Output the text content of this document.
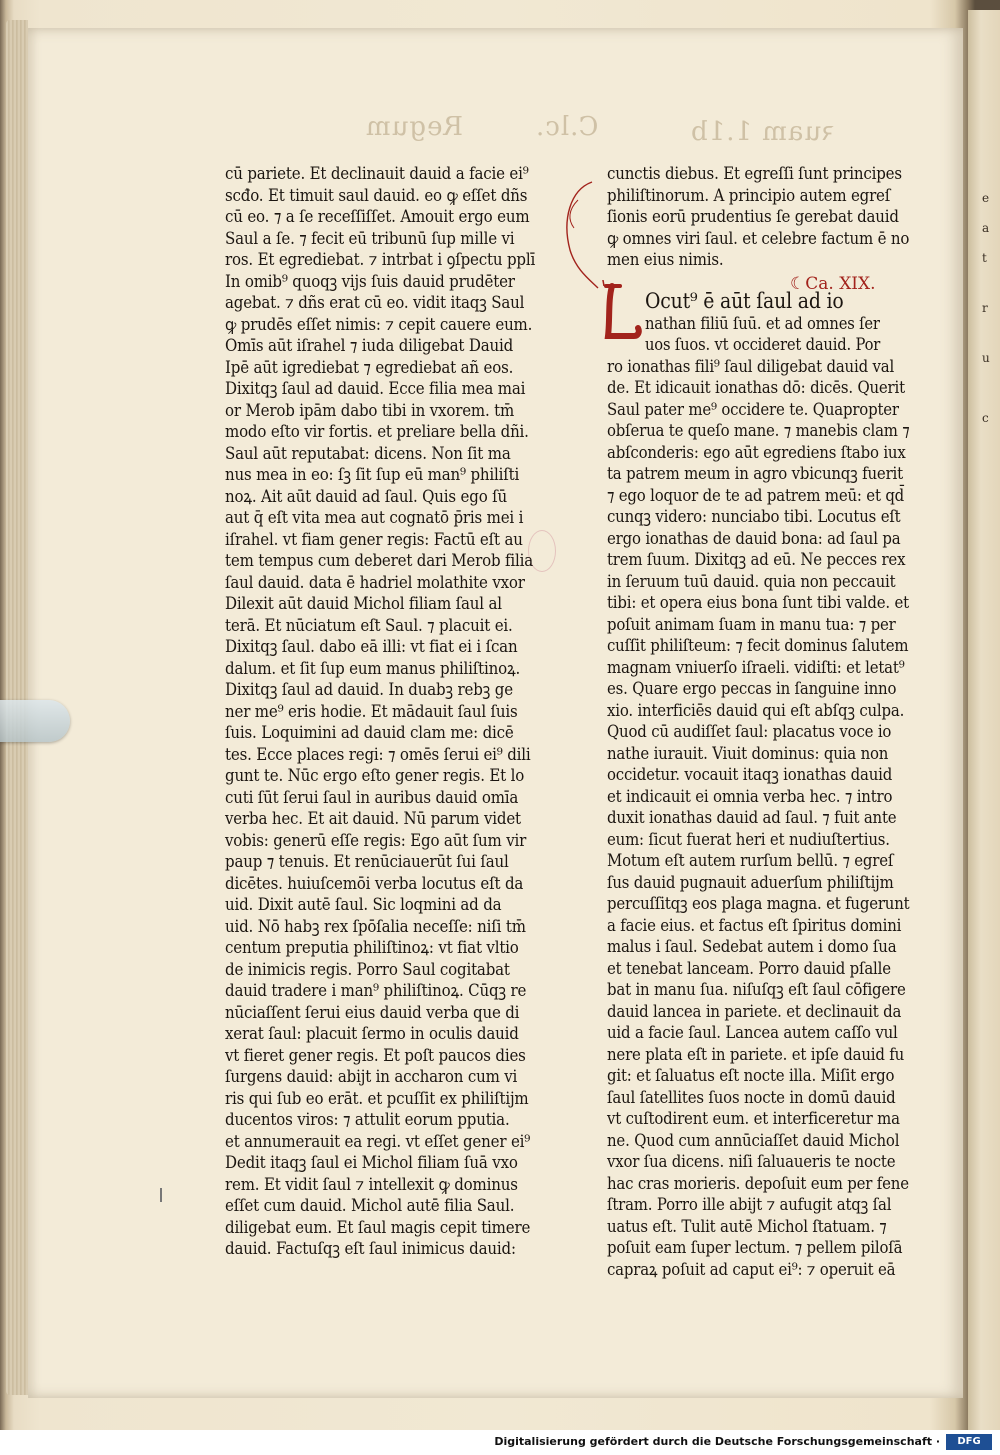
e
a
t
r
u
c
ꝛuam 1.1b
Regum	C.lc.
cū pariete. Et declinauit dauid a facie ei⁹
scđo. Et timuit saul dauid. eo ꝙ eſſet dñs
cū eo. ⁊ a ſe receſſiſſet. Amouit ergo eum
Saul a ſe. ⁊ fecit eū tribunū ſup mille vi
ros. Et egrediebat. ⁊ intrbat i ꝯſpectu pplī
In omib⁹ quoqꝫ vijs ſuis dauid prudēter
agebat. ⁊ dñs erat cū eo. vidit itaqꝫ Saul
ꝙ prudēs eſſet nimis: ⁊ cepit cauere eum.
Omīs aūt iſrahel ⁊ iuda diligebat Dauid
Ipē aūt igrediebat ⁊ egrediebat añ eos.
Dixitqꝫ ſaul ad dauid. Ecce filia mea mai
or Merob ipām dabo tibi in vxorem. tm̄
modo eſto vir fortis. et preliare bella dñi.
Saul aūt reputabat: dicens. Non ſit ma
nus mea in eo: ſꝫ ſit ſup eū man⁹ philiſti
noꝝ. Ait aūt dauid ad ſaul. Quis ego ſū
aut q̄ eſt vita mea aut cognatō p̄ris mei i
iſrahel. vt fiam gener regis: Factū eſt au
tem tempus cum deberet dari Merob filia
ſaul dauid. data ē hadriel molathite vxor
Dilexit aūt dauid Michol filiam ſaul al
terā. Et nūciatum eſt Saul. ⁊ placuit ei.
Dixitqꝫ ſaul. dabo eā illi: vt fiat ei i ſcan
dalum. et ſit ſup eum manus philiſtinoꝝ.
Dixitqꝫ ſaul ad dauid. In duabꝫ rebꝫ ge
ner me⁹ eris hodie. Et mādauit ſaul ſuis
ſuis. Loquimini ad dauid clam me: dicē
tes. Ecce places regi: ⁊ omēs ſerui ei⁹ dili
gunt te. Nūc ergo eſto gener regis. Et lo
cuti ſūt ſerui ſaul in auribus dauid omīa
verba hec. Et ait dauid. Nū parum videt
vobis: generū eſſe regis: Ego aūt ſum vir
paup ⁊ tenuis. Et renūciauerūt ſui ſaul
dicētes. huiuſcemōi verba locutus eſt da
uid. Dixit autē ſaul. Sic loqmini ad da
uid. Nō habꝫ rex ſpōſalia neceſſe: niſi tm̄
centum preputia philiſtinoꝝ: vt fiat vltio
de inimicis regis. Porro Saul cogitabat
dauid tradere i man⁹ philiſtinoꝝ. Cūqꝫ re
nūciaſſent ſerui eius dauid verba que di
xerat ſaul: placuit ſermo in oculis dauid
vt fieret gener regis. Et poſt paucos dies
ſurgens dauid: abijt in accharon cum vi
ris qui ſub eo erāt. et pcuſſit ex philiſtijm
ducentos viros: ⁊ attulit eorum pputia.
et annumerauit ea regi. vt eſſet gener ei⁹
Dedit itaqꝫ ſaul ei Michol filiam ſuā vxo
rem. Et vidit ſaul ⁊ intellexit ꝙ dominus
eſſet cum dauid. Michol autē filia Saul.
diligebat eum. Et ſaul magis cepit timere
dauid. Factuſqꝫ eſt ſaul inimicus dauid:
cunctis diebus. Et egreſſi ſunt principes
philiſtinorum. A principio autem egreſ
ſionis eorū prudentius ſe gerebat dauid
ꝙ omnes viri ſaul. et celebre factum ē no
men eius nimis.
☾Ca. XIX.
Ocut⁹ ē aūt ſaul ad io
nathan filiū ſuū. et ad omnes ſer
uos ſuos. vt occideret dauid. Por
ro ionathas fili⁹ ſaul diligebat dauid val
de. Et idicauit ionathas dō: dicēs. Querit
Saul pater me⁹ occidere te. Quapropter
obſerua te queſo mane. ⁊ manebis clam ⁊
abſconderis: ego aūt egrediens ſtabo iux
ta patrem meum in agro vbicunqꝫ fuerit
⁊ ego loquor de te ad patrem meū: et qd̄
cunqꝫ videro: nunciabo tibi. Locutus eſt
ergo ionathas de dauid bona: ad ſaul pa
trem ſuum. Dixitqꝫ ad eū. Ne pecces rex
in ſeruum tuū dauid. quia non peccauit
tibi: et opera eius bona ſunt tibi valde. et
poſuit animam ſuam in manu tua: ⁊ per
cuſſit philiſteum: ⁊ fecit dominus ſalutem
magnam vniuerſo iſraeli. vidiſti: et letat⁹
es. Quare ergo peccas in ſanguine inno
xio. interficiēs dauid qui eſt abſqꝫ culpa.
Quod cū audiſſet ſaul: placatus voce io
nathe iurauit. Viuit dominus: quia non
occidetur. vocauit itaqꝫ ionathas dauid
et indicauit ei omnia verba hec. ⁊ intro
duxit ionathas dauid ad ſaul. ⁊ fuit ante
eum: ſicut fuerat heri et nudiuſtertius.
Motum eſt autem rurſum bellū. ⁊ egreſ
ſus dauid pugnauit aduerſum philiſtijm
percuſſitqꝫ eos plaga magna. et fugerunt
a facie eius. et factus eſt ſpiritus domini
malus i ſaul. Sedebat autem i domo ſua
et tenebat lanceam. Porro dauid pſalle
bat in manu ſua. niſuſqꝫ eſt ſaul cōfigere
dauid lancea in pariete. et declinauit da
uid a facie ſaul. Lancea autem caſſo vul
nere plata eſt in pariete. et ipſe dauid fu
git: et ſaluatus eſt nocte illa. Miſit ergo
ſaul ſatellites ſuos nocte in domū dauid
vt cuſtodirent eum. et interficeretur ma
ne. Quod cum annūciaſſet dauid Michol
vxor ſua dicens. niſi ſaluaueris te nocte
hac cras morieris. depoſuit eum per fene
ſtram. Porro ille abijt ⁊ aufugit atqꝫ ſal
uatus eſt. Tulit autē Michol ſtatuam. ⁊
poſuit eam ſuper lectum. ⁊ pellem piloſā
capraꝝ poſuit ad caput ei⁹: ⁊ operuit eā
Digitalisierung gefördert durch die Deutsche Forschungsgemeinschaft ·	DFG
